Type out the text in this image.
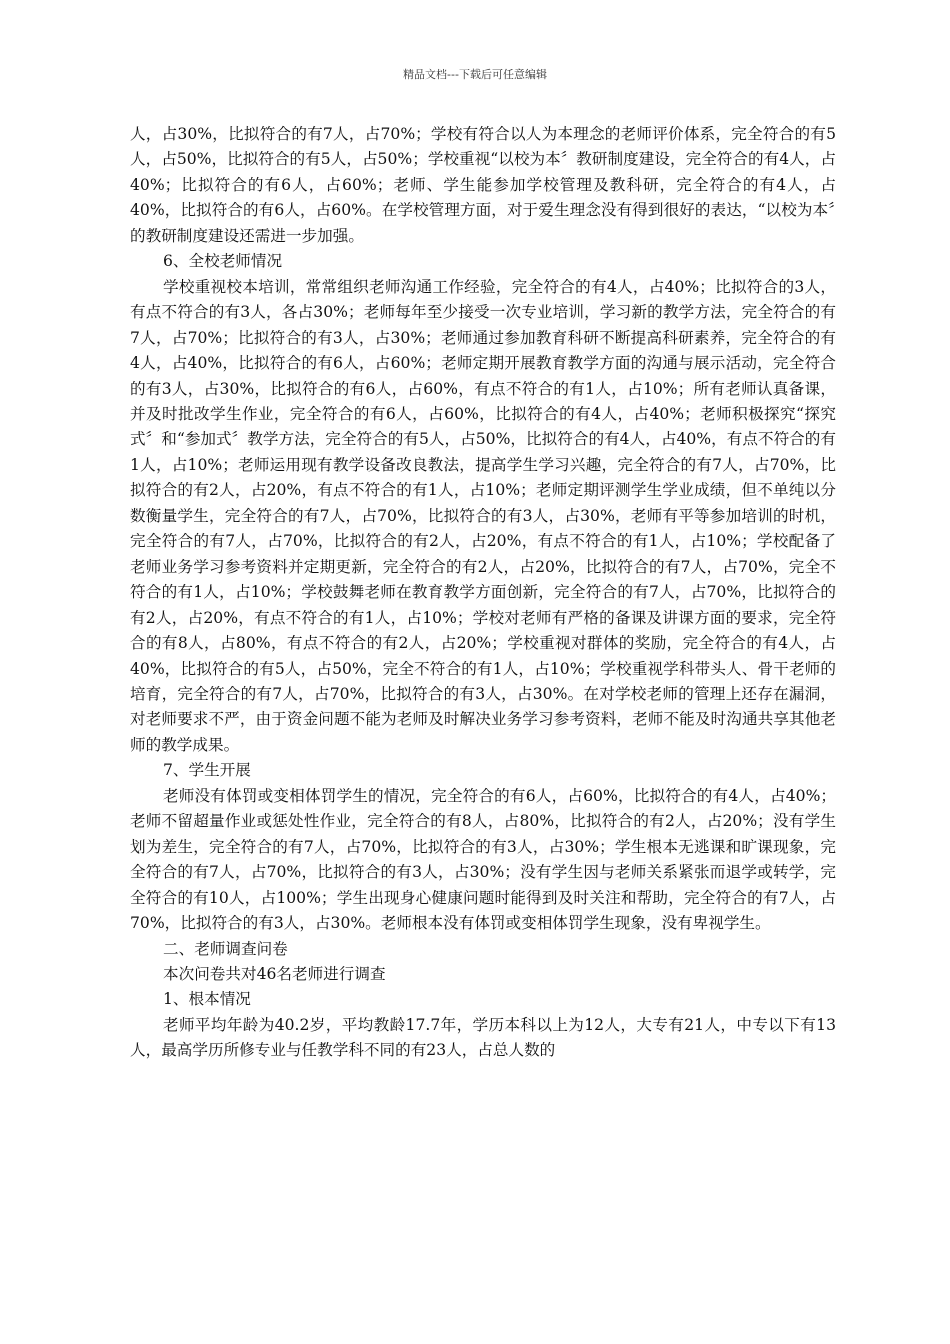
精品文档---下载后可任意编辑

人，占30%，比拟符合的有7人，占70%；学校有符合以人为本理念的老师评价体系，完全符合的有5人，占50%，比拟符合的有5人，占50%；学校重视“以校为本〞教研制度建设，完全符合的有4人，占40%；比拟符合的有6人，占60%；老师、学生能参加学校管理及教科研，完全符合的有4人，占40%，比拟符合的有6人，占60%。在学校管理方面，对于爱生理念没有得到很好的表达，“以校为本〞的教研制度建设还需进一步加强。

6、全校老师情况

学校重视校本培训，常常组织老师沟通工作经验，完全符合的有4人，占40%；比拟符合的3人，有点不符合的有3人，各占30%；老师每年至少接受一次专业培训，学习新的教学方法，完全符合的有7人，占70%；比拟符合的有3人，占30%；老师通过参加教育科研不断提高科研素养，完全符合的有4人，占40%，比拟符合的有6人，占60%；老师定期开展教育教学方面的沟通与展示活动，完全符合的有3人，占30%，比拟符合的有6人，占60%，有点不符合的有1人，占10%；所有老师认真备课，并及时批改学生作业，完全符合的有6人，占60%，比拟符合的有4人，占40%；老师积极探究“探究式〞和“参加式〞教学方法，完全符合的有5人，占50%，比拟符合的有4人，占40%，有点不符合的有1人，占10%；老师运用现有教学设备改良教法，提高学生学习兴趣，完全符合的有7人，占70%，比拟符合的有2人，占20%，有点不符合的有1人，占10%；老师定期评测学生学业成绩，但不单纯以分数衡量学生，完全符合的有7人，占70%，比拟符合的有3人，占30%，老师有平等参加培训的时机，完全符合的有7人，占70%，比拟符合的有2人，占20%，有点不符合的有1人，占10%；学校配备了老师业务学习参考资料并定期更新，完全符合的有2人，占20%，比拟符合的有7人，占70%，完全不符合的有1人，占10%；学校鼓舞老师在教育教学方面创新，完全符合的有7人，占70%，比拟符合的有2人，占20%，有点不符合的有1人，占10%；学校对老师有严格的备课及讲课方面的要求，完全符合的有8人，占80%，有点不符合的有2人，占20%；学校重视对群体的奖励，完全符合的有4人，占40%，比拟符合的有5人，占50%，完全不符合的有1人，占10%；学校重视学科带头人、骨干老师的培育，完全符合的有7人，占70%，比拟符合的有3人，占30%。在对学校老师的管理上还存在漏洞，对老师要求不严，由于资金问题不能为老师及时解决业务学习参考资料，老师不能及时沟通共享其他老师的教学成果。

7、学生开展

老师没有体罚或变相体罚学生的情况，完全符合的有6人，占60%，比拟符合的有4人，占40%；老师不留超量作业或惩处性作业，完全符合的有8人，占80%，比拟符合的有2人，占20%；没有学生划为差生，完全符合的有7人，占70%，比拟符合的有3人，占30%；学生根本无逃课和旷课现象，完全符合的有7人，占70%，比拟符合的有3人，占30%；没有学生因与老师关系紧张而退学或转学，完全符合的有10人，占100%；学生出现身心健康问题时能得到及时关注和帮助，完全符合的有7人，占70%，比拟符合的有3人，占30%。老师根本没有体罚或变相体罚学生现象，没有卑视学生。

二、老师调查问卷

本次问卷共对46名老师进行调查

1、根本情况

老师平均年龄为40.2岁，平均教龄17.7年，学历本科以上为12人，大专有21人，中专以下有13人，最高学历所修专业与任教学科不同的有23人，占总人数的
